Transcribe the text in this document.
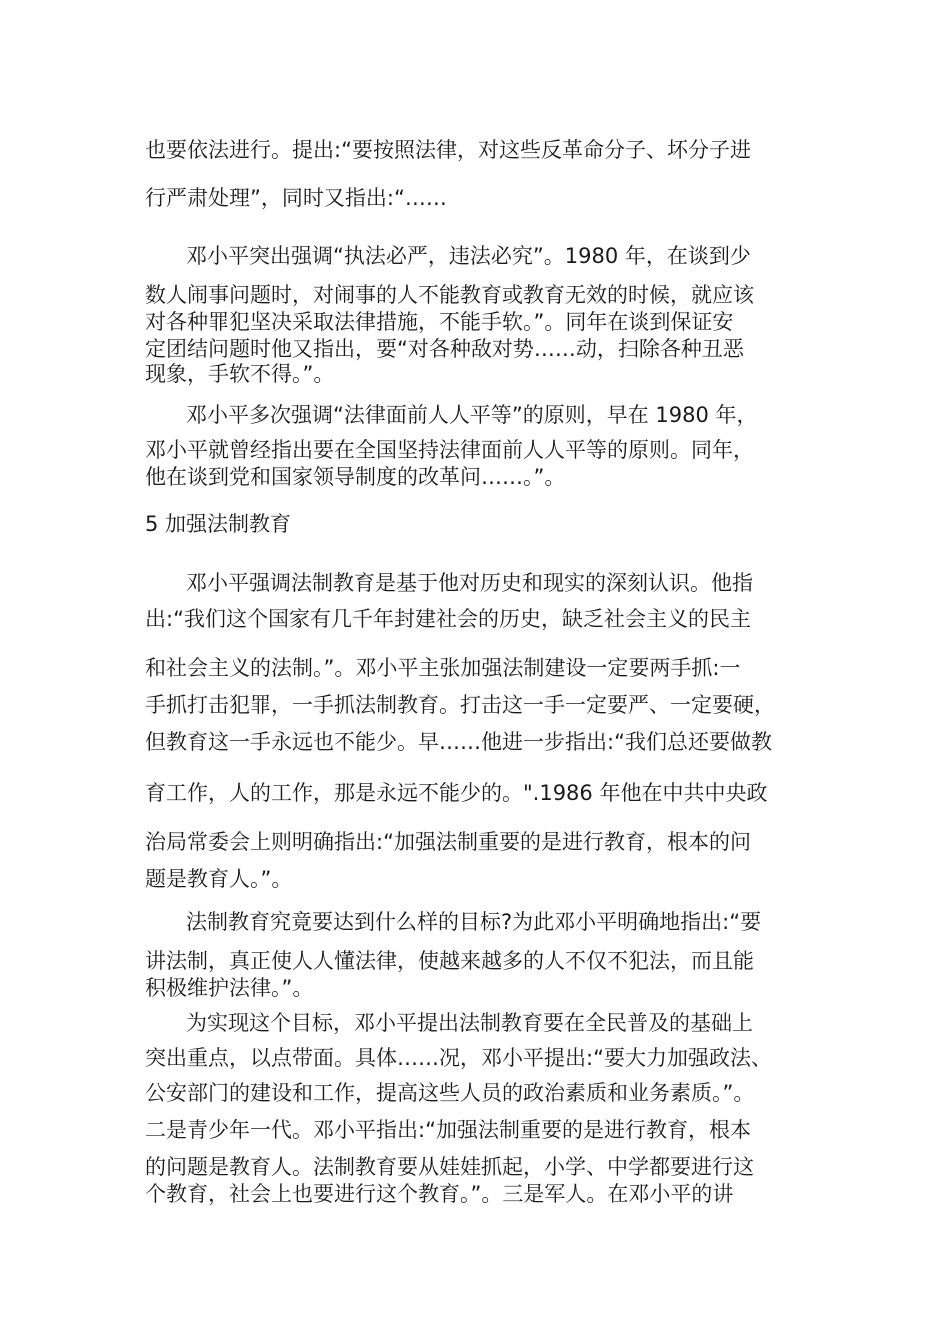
也要依法进行。提出:“要按照法律，对这些反革命分子、坏分子进
行严肃处理”，同时又指出:“……
邓小平突出强调“执法必严，违法必究”。1980 年，在谈到少
数人闹事问题时，对闹事的人不能教育或教育无效的时候，就应该
对各种罪犯坚决采取法律措施，不能手软。”。同年在谈到保证安
定团结问题时他又指出，要“对各种敌对势……动，扫除各种丑恶
现象，手软不得。”。
邓小平多次强调“法律面前人人平等”的原则，早在 1980 年，
邓小平就曾经指出要在全国坚持法律面前人人平等的原则。同年，
他在谈到党和国家领导制度的改革问……。”。
5 加强法制教育
邓小平强调法制教育是基于他对历史和现实的深刻认识。他指
出:“我们这个国家有几千年封建社会的历史，缺乏社会主义的民主
和社会主义的法制。”。邓小平主张加强法制建设一定要两手抓:一
手抓打击犯罪，一手抓法制教育。打击这一手一定要严、一定要硬，
但教育这一手永远也不能少。早……他进一步指出:“我们总还要做教
育工作，人的工作，那是永远不能少的。".1986 年他在中共中央政
治局常委会上则明确指出:“加强法制重要的是进行教育，根本的问
题是教育人。”。
法制教育究竟要达到什么样的目标?为此邓小平明确地指出:“要
讲法制，真正使人人懂法律，使越来越多的人不仅不犯法，而且能
积极维护法律。”。
为实现这个目标，邓小平提出法制教育要在全民普及的基础上
突出重点，以点带面。具体……况，邓小平提出:“要大力加强政法、
公安部门的建设和工作，提高这些人员的政治素质和业务素质。”。
二是青少年一代。邓小平指出:“加强法制重要的是进行教育，根本
的问题是教育人。法制教育要从娃娃抓起，小学、中学都要进行这
个教育，社会上也要进行这个教育。”。三是军人。在邓小平的讲
